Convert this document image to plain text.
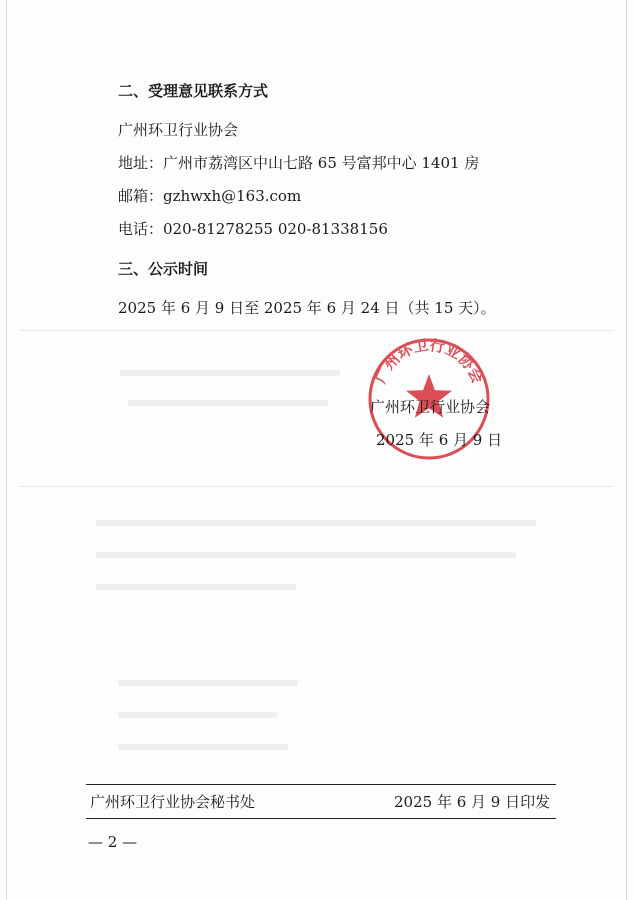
二、受理意见联系方式
广州环卫行业协会
地址：广州市荔湾区中山七路 65 号富邦中心 1401 房
邮箱：gzhwxh@163.com
电话：020-81278255 020-81338156
三、公示时间
2025 年 6 月 9 日至 2025 年 6 月 24 日（共 15 天）。
广州环卫行业协会
广州环卫行业协会
2025 年 6 月 9 日
广州环卫行业协会秘书处	2025 年 6 月 9 日印发
— 2 —
